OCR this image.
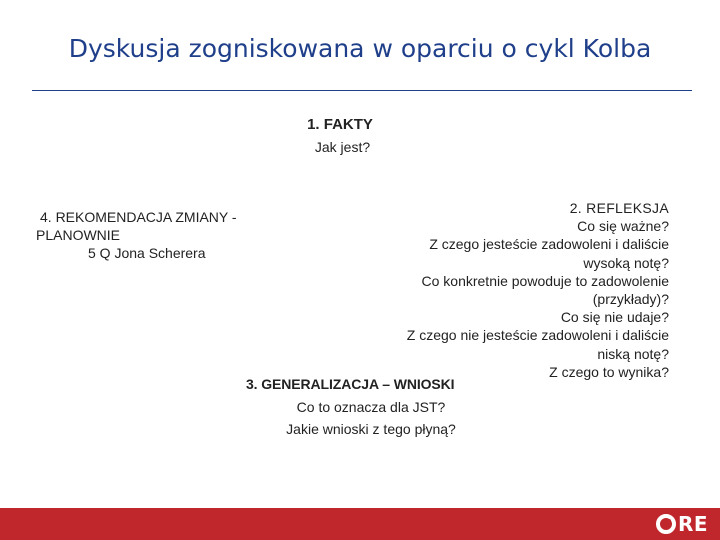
Dyskusja zogniskowana w oparciu o cykl Kolba
1. FAKTY
Jak jest?
4. REKOMENDACJA ZMIANY -
PLANOWNIE
5 Q Jona Scherera
2. REFLEKSJA
Co się ważne?
Z czego jesteście zadowoleni i daliście
wysoką notę?
Co konkretnie powoduje to zadowolenie
(przykłady)?
Co się nie udaje?
Z czego nie jesteście zadowoleni i daliście
niską notę?
Z czego to wynika?
3. GENERALIZACJA – WNIOSKI
Co to oznacza dla JST?
Jakie wnioski z tego płyną?
RE
